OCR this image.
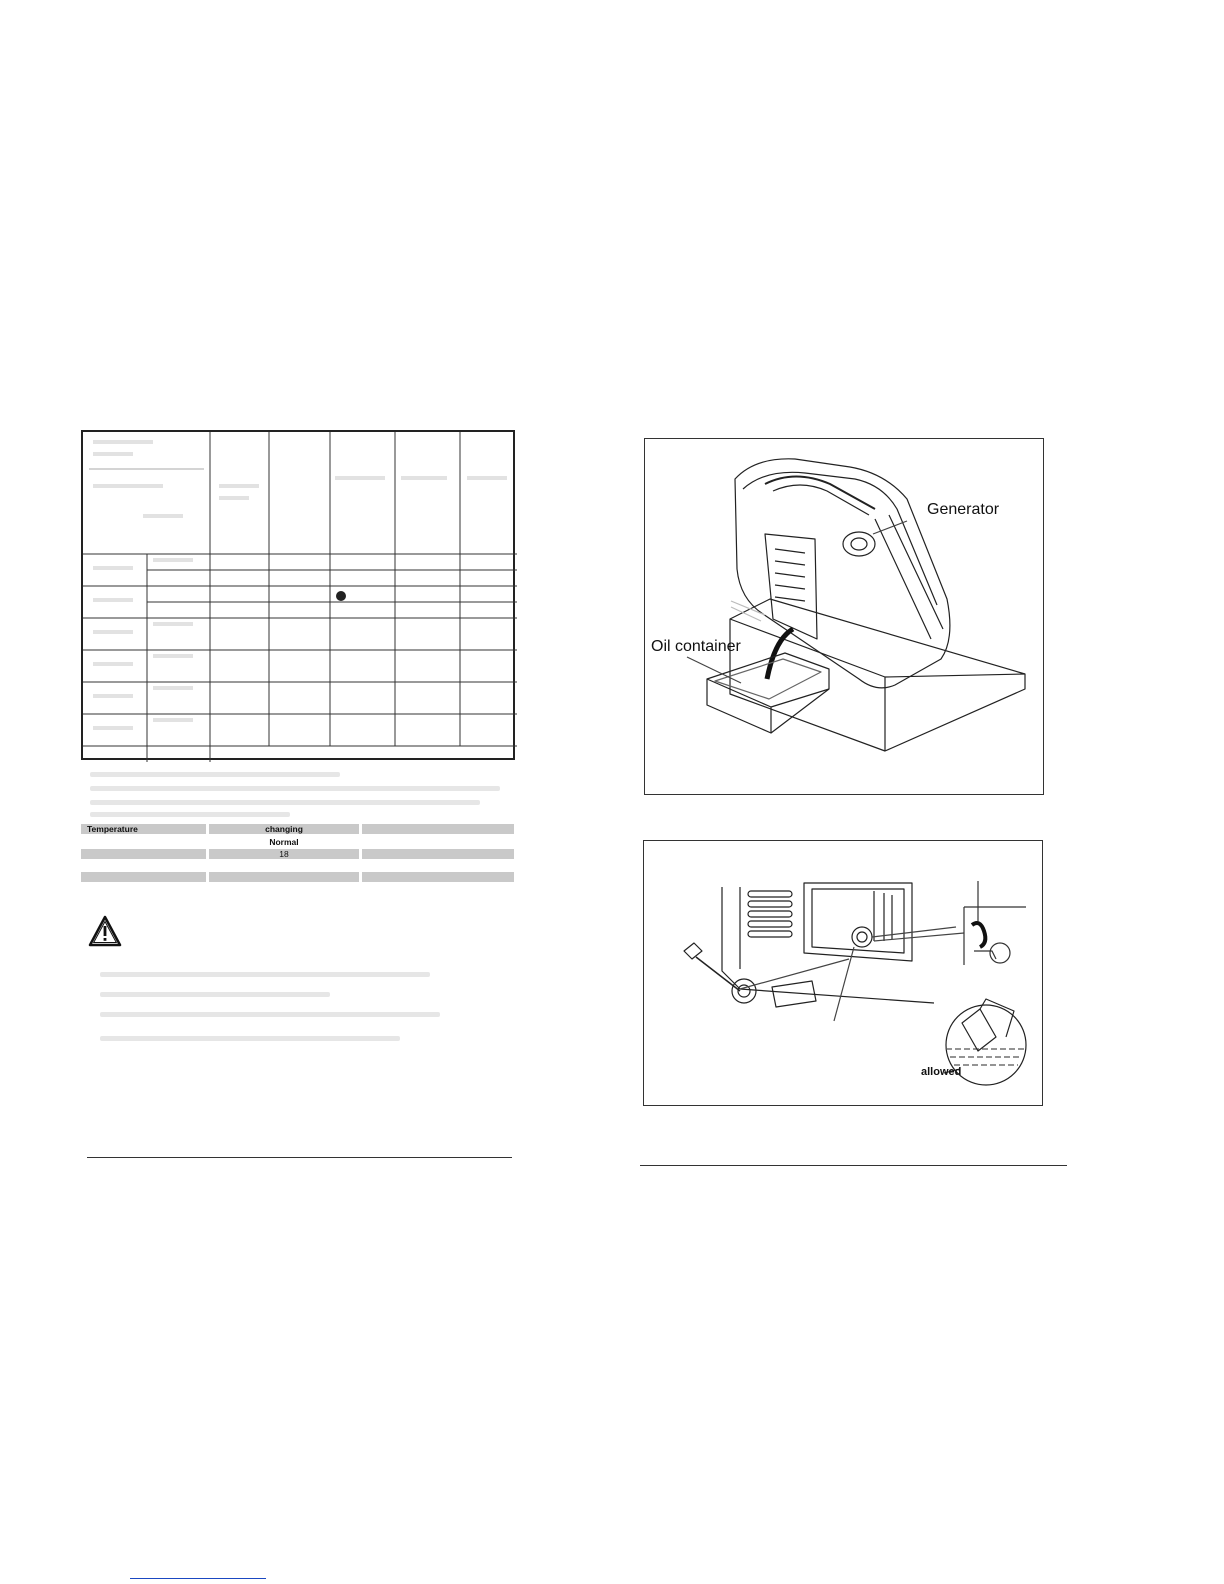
Temperature	changing
Normal
18
Generator
Oil container
allowed
